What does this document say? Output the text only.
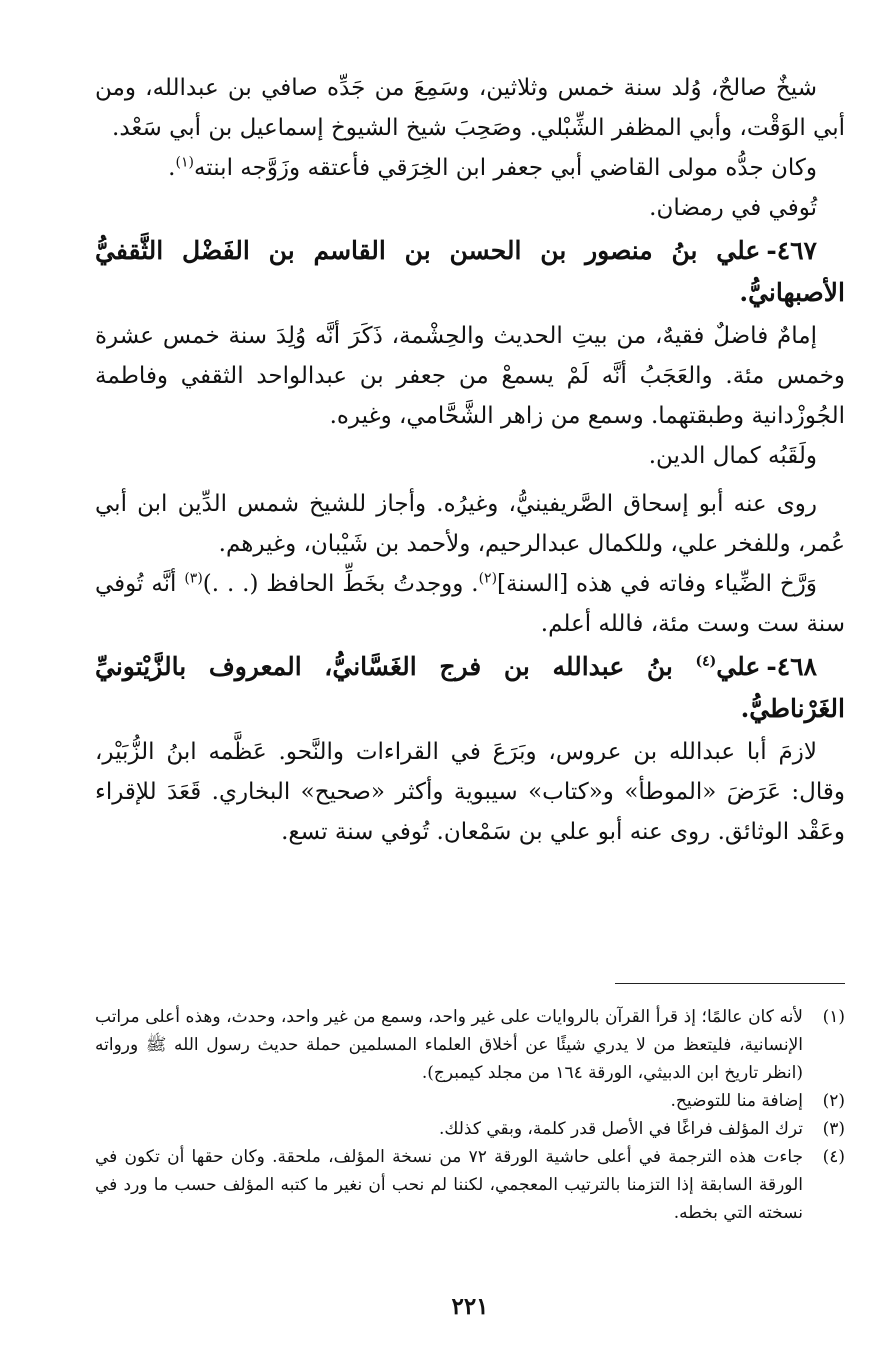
شيخٌ صالحٌ، وُلد سنة خمس وثلاثين، وسَمِعَ من جَدِّه صافي بن عبدالله، ومن أبي الوَقْت، وأبي المظفر الشِّبْلي. وصَحِبَ شيخ الشيوخ إسماعيل بن أبي سَعْد.

وكان جدُّه مولى القاضي أبي جعفر ابن الخِرَقي فأعتقه وزَوَّجه ابنته$^{(١)}$.

تُوفي في رمضان.

٤٦٧-علي بنُ منصور بن الحسن بن القاسم بن الفَضْل الثَّقفيُّ الأصبهانيُّ.

إمامٌ فاضلٌ فقيهٌ، من بيتِ الحديث والحِشْمة، ذَكَرَ أنَّه وُلِدَ سنة خمس عشرة وخمس مئة. والعَجَبُ أنَّه لَمْ يسمعْ من جعفر بن عبدالواحد الثقفي وفاطمة الجُوزْدانية وطبقتهما. وسمع من زاهر الشَّحَّامي، وغيره.

ولَقَبُه كمال الدين.

روى عنه أبو إسحاق الصَّريفينيُّ، وغيرُه. وأجاز للشيخ شمس الدِّين ابن أبي عُمر، وللفخر علي، وللكمال عبدالرحيم، ولأحمد بن شَيْبان، وغيرهم.

وَرَّخ الضِّياء وفاته في هذه [السنة]$^{(٢)}$. ووجدتُ بخَطِّ الحافظ (. . .)$^{(٣)}$ أنَّه تُوفي سنة ست وست مئة، فالله أعلم.

٤٦٨-علي$^{(٤)}$ بنُ عبدالله بن فرج الغَسَّانيُّ، المعروف بالزَّيْتونيِّ الغَرْناطيُّ.

لازمَ أبا عبدالله بن عروس، وبَرَعَ في القراءات والنَّحو. عَظَّمه ابنُ الزُّبَيْر، وقال: عَرَضَ «الموطأ» و«كتاب» سيبوية وأكثر «صحيح» البخاري. قَعَدَ للإقراء وعَقْد الوثائق. روى عنه أبو علي بن سَمْعان. تُوفي سنة تسع.

(١)
لأنه كان عالمًا؛ إذ قرأ القرآن بالروايات على غير واحد، وسمع من غير واحد، وحدث، وهذه أعلى مراتب الإنسانية، فليتعظ من لا يدري شيئًا عن أخلاق العلماء المسلمين حملة حديث رسول الله ﷺ ورواته (انظر تاريخ ابن الدبيثي، الورقة ١٦٤ من مجلد كيمبرج).
(٢)
إضافة منا للتوضيح.
(٣)
ترك المؤلف فراغًا في الأصل قدر كلمة، وبقي كذلك.
(٤)
جاءت هذه الترجمة في أعلى حاشية الورقة ٧٢ من نسخة المؤلف، ملحقة. وكان حقها أن تكون في الورقة السابقة إذا التزمنا بالترتيب المعجمي، لكننا لم نحب أن نغير ما كتبه المؤلف حسب ما ورد في نسخته التي بخطه.
٢٢١
